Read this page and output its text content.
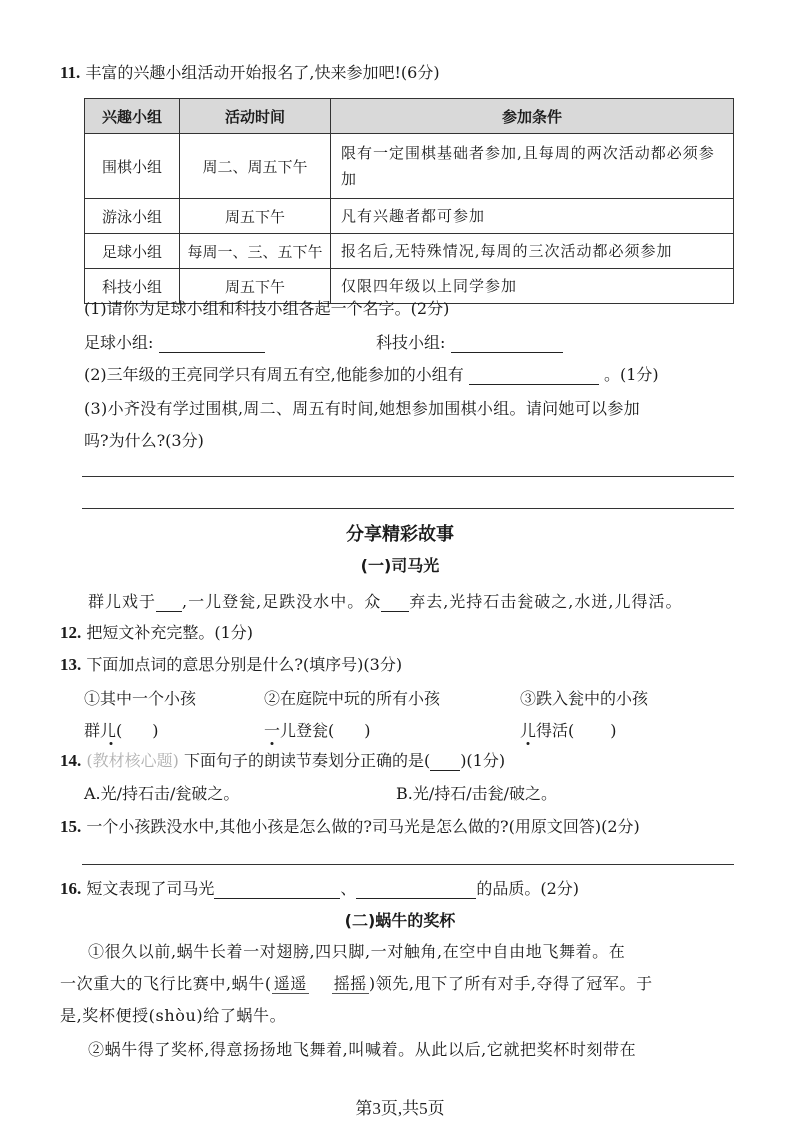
11. 丰富的兴趣小组活动开始报名了,快来参加吧!(6分)
兴趣小组	活动时间	参加条件
围棋小组	周二、周五下午	限有一定围棋基础者参加,且每周的两次活动都必须参加
游泳小组	周五下午	凡有兴趣者都可参加
足球小组	每周一、三、五下午	报名后,无特殊情况,每周的三次活动都必须参加
科技小组	周五下午	仅限四年级以上同学参加
(1)请你为足球小组和科技小组各起一个名字。(2分)
足球小组:	科技小组:
(2)三年级的王亮同学只有周五有空,他能参加的小组有	。(1分)
(3)小齐没有学过围棋,周二、周五有时间,她想参加围棋小组。请问她可以参加
吗?为什么?(3分)
分享精彩故事
(一)司马光
群儿戏于 ,一儿登瓮,足跌没水中。众 弃去,光持石击瓮破之,水迸,儿得活。
12. 把短文补充完整。(1分)
13. 下面加点词的意思分别是什么?(填序号)(3分)
①其中一个小孩	②在庭院中玩的所有小孩	③跌入瓮中的小孩
群儿( )	一儿登瓮( )	儿得活( )
14. (教材核心题) 下面句子的朗读节奏划分正确的是( )(1分)
A.光/持石击/瓮破之。	B.光/持石/击瓮/破之。
15. 一个小孩跌没水中,其他小孩是怎么做的?司马光是怎么做的?(用原文回答)(2分)
16. 短文表现了司马光	、	的品质。(2分)
(二)蜗牛的奖杯
①很久以前,蜗牛长着一对翅膀,四只脚,一对触角,在空中自由地飞舞着。在
一次重大的飞行比赛中,蜗牛( 遥遥 摇摇 )领先,甩下了所有对手,夺得了冠军。于
是,奖杯便授(shòu)给了蜗牛。
②蜗牛得了奖杯,得意扬扬地飞舞着,叫喊着。从此以后,它就把奖杯时刻带在
第3页,共5页
